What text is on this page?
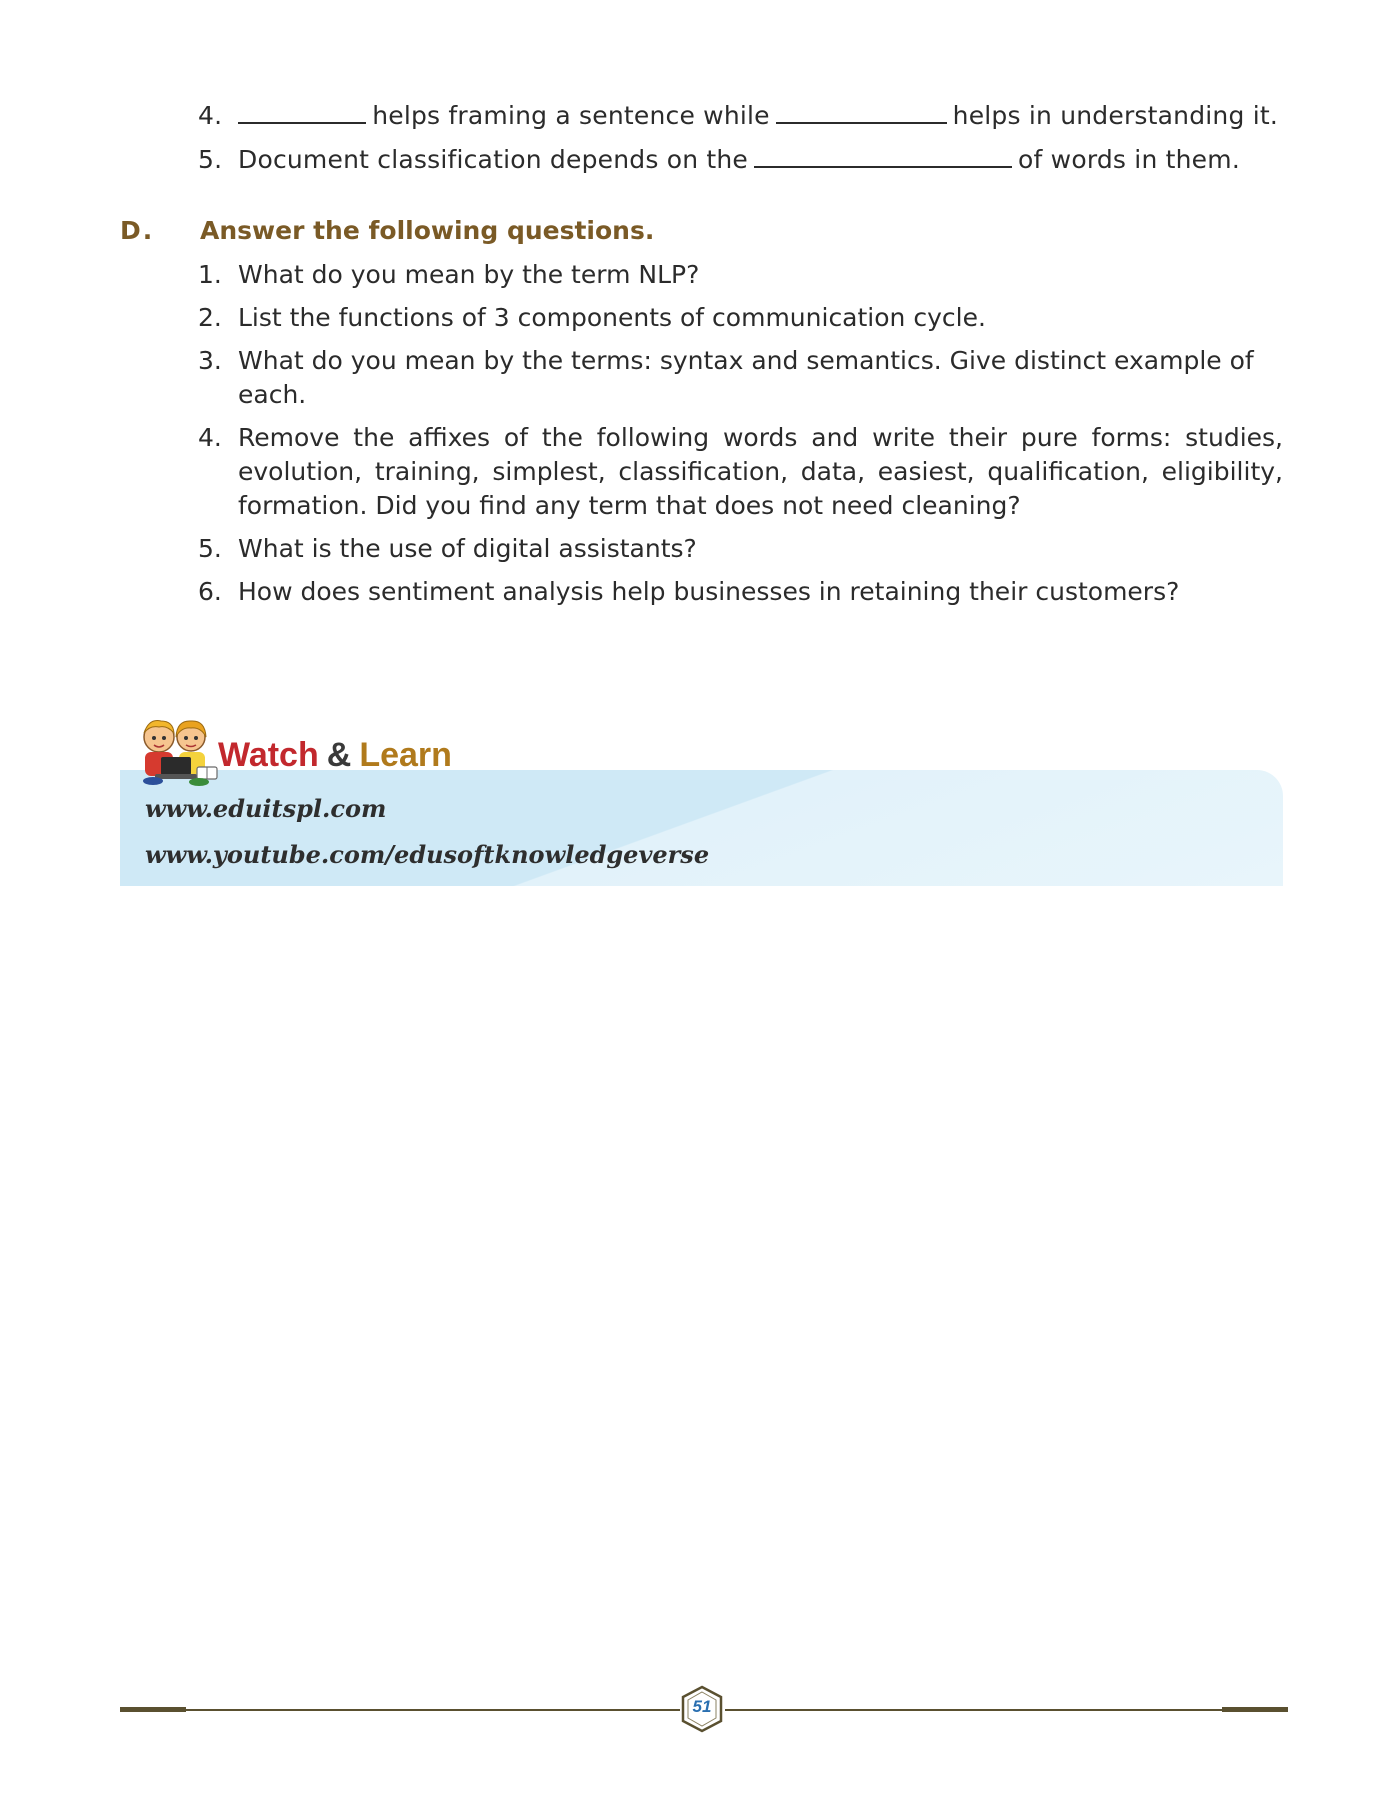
4.	helps framing a sentence while	helps in understanding it.
5. Document classification depends on the	of words in them.
D. Answer the following questions.
1. What do you mean by the term NLP?
2. List the functions of 3 components of communication cycle.
3. What do you mean by the terms: syntax and semantics. Give distinct example of each.
4. Remove the affixes of the following words and write their pure forms: studies, evolution, training, simplest, classification, data, easiest, qualification, eligibility, formation. Did you find any term that does not need cleaning?
5. What is the use of digital assistants?
6. How does sentiment analysis help businesses in retaining their customers?
Watch & Learn
www.eduitspl.com
www.youtube.com/edusoftknowledgeverse
51
